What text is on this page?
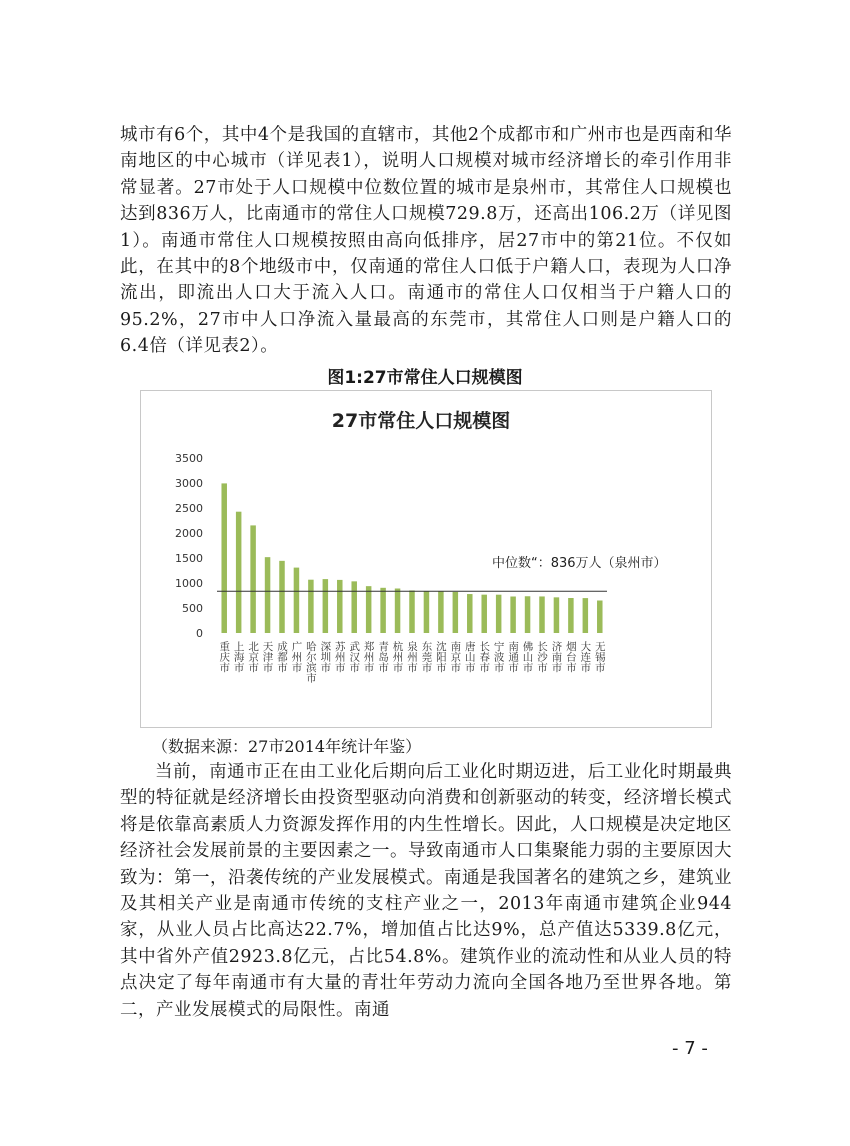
城市有6个，其中4个是我国的直辖市，其他2个成都市和广州市也是西南和华南地区的中心城市（详见表1），说明人口规模对城市经济增长的牵引作用非常显著。27市处于人口规模中位数位置的城市是泉州市，其常住人口规模也达到836万人，比南通市的常住人口规模729.8万，还高出106.2万（详见图1）。南通市常住人口规模按照由高向低排序，居27市中的第21位。不仅如此，在其中的8个地级市中，仅南通的常住人口低于户籍人口，表现为人口净流出，即流出人口大于流入人口。南通市的常住人口仅相当于户籍人口的95.2%，27市中人口净流入量最高的东莞市，其常住人口则是户籍人口的6.4倍（详见表2）。

图1:27市常住人口规模图

27市常住人口规模图
0
500
1000
1500
2000
2500
3000
3500
中位数“：836万人（泉州市）
重庆市 上海市 北京市 天津市 成都市 广州市 哈尔滨市 深圳市 苏州市 武汉市 郑州市 青岛市 杭州市 泉州市 东莞市 沈阳市 南京市 唐山市 长春市 宁波市 南通市 佛山市 长沙市 济南市 烟台市 大连市 无锡市

（数据来源：27市2014年统计年鉴）

当前，南通市正在由工业化后期向后工业化时期迈进，后工业化时期最典型的特征就是经济增长由投资型驱动向消费和创新驱动的转变，经济增长模式将是依靠高素质人力资源发挥作用的内生性增长。因此，人口规模是决定地区经济社会发展前景的主要因素之一。导致南通市人口集聚能力弱的主要原因大致为：第一，沿袭传统的产业发展模式。南通是我国著名的建筑之乡，建筑业及其相关产业是南通市传统的支柱产业之一，2013年南通市建筑企业944家，从业人员占比高达22.7%，增加值占比达9%，总产值达5339.8亿元，其中省外产值2923.8亿元，占比54.8%。建筑作业的流动性和从业人员的特点决定了每年南通市有大量的青壮年劳动力流向全国各地乃至世界各地。第二，产业发展模式的局限性。南通

- 7 -
